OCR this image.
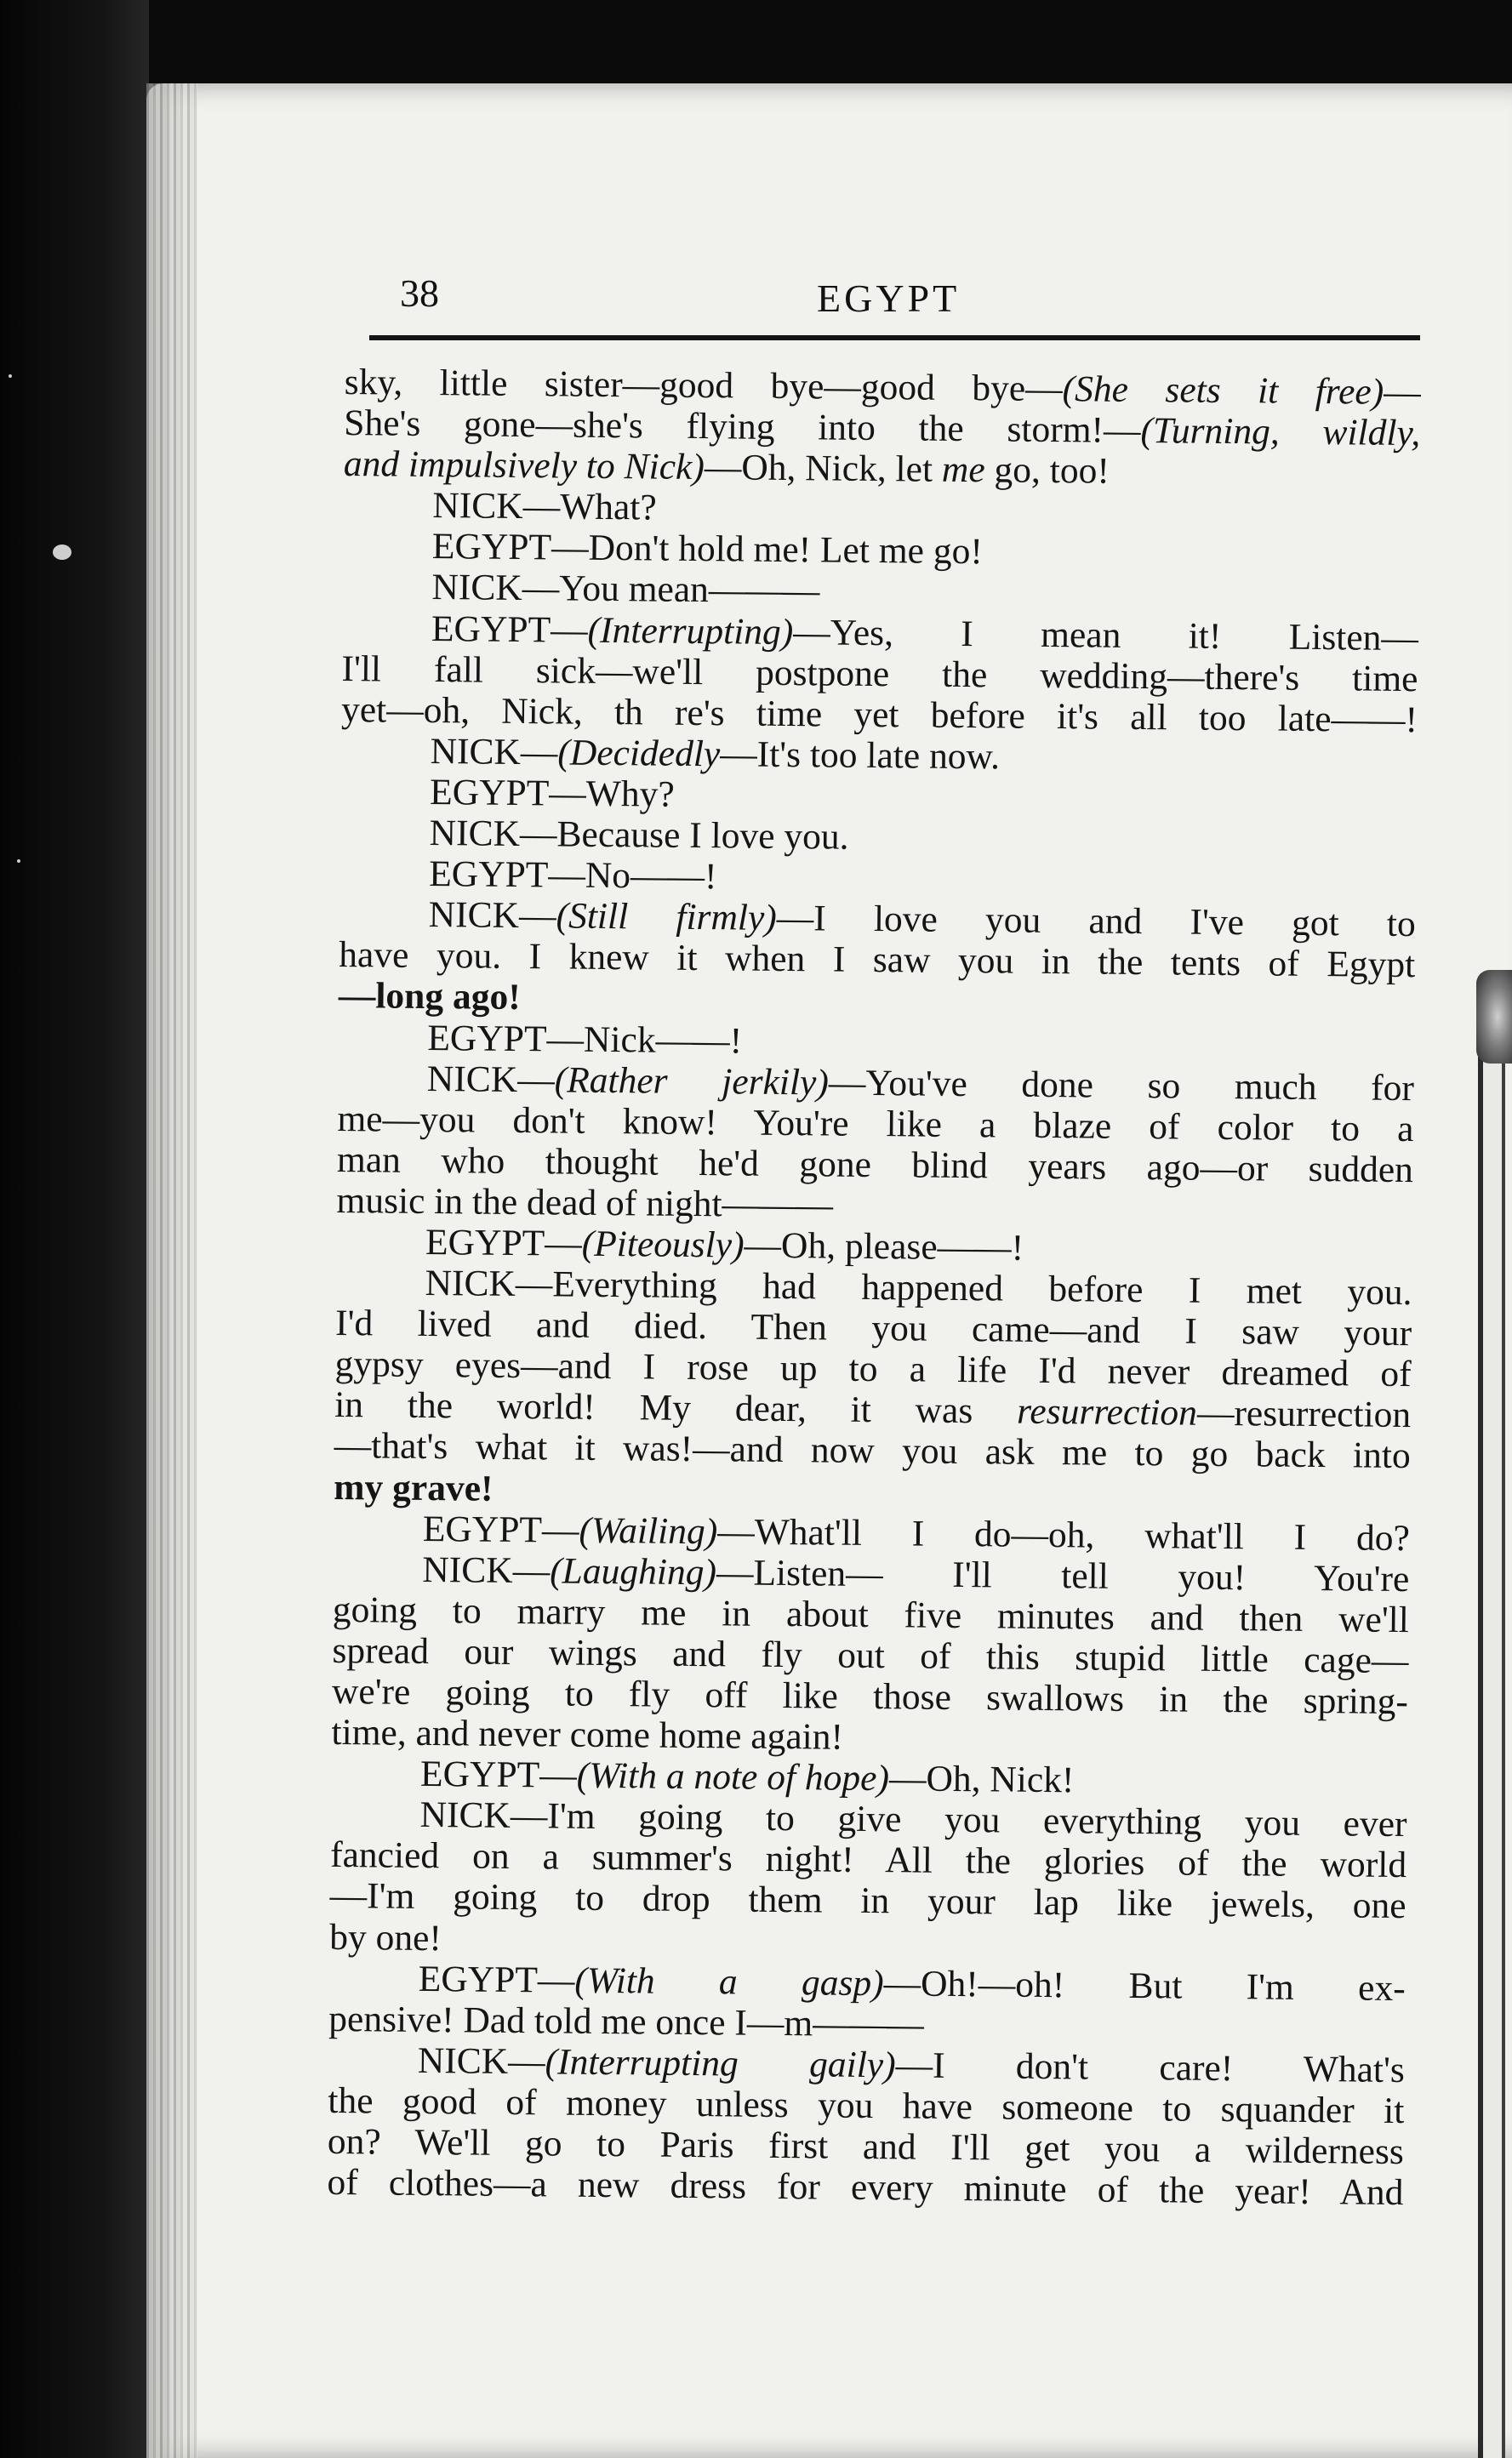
38	EGYPT

sky, little sister—good bye—good bye—(She sets it free)—

She's gone—she's flying into the storm!—(Turning, wildly,

and impulsively to Nick)—Oh, Nick, let me go, too!

NICK—What?

EGYPT—Don't hold me! Let me go!

NICK—You mean———

EGYPT—(Interrupting)—Yes, I mean it! Listen—

I'll fall sick—we'll postpone the wedding—there's time

yet—oh, Nick, th re's time yet before it's all too late——!

NICK—(Decidedly—It's too late now.

EGYPT—Why?

NICK—Because I love you.

EGYPT—No——!

NICK—(Still firmly)—I love you and I've got to

have you. I knew it when I saw you in the tents of Egypt

—long ago!

EGYPT—Nick——!

NICK—(Rather jerkily)—You've done so much for

me—you don't know! You're like a blaze of color to a

man who thought he'd gone blind years ago—or sudden

music in the dead of night———

EGYPT—(Piteously)—Oh, please——!

NICK—Everything had happened before I met you.

I'd lived and died. Then you came—and I saw your

gypsy eyes—and I rose up to a life I'd never dreamed of

in the world! My dear, it was resurrection—resurrection

—that's what it was!—and now you ask me to go back into

my grave!

EGYPT—(Wailing)—What'll I do—oh, what'll I do?

NICK—(Laughing)—Listen— I'll tell you! You're

going to marry me in about five minutes and then we'll

spread our wings and fly out of this stupid little cage—

we're going to fly off like those swallows in the spring-

time, and never come home again!

EGYPT—(With a note of hope)—Oh, Nick!

NICK—I'm going to give you everything you ever

fancied on a summer's night! All the glories of the world

—I'm going to drop them in your lap like jewels, one

by one!

EGYPT—(With a gasp)—Oh!—oh! But I'm ex-

pensive! Dad told me once I—m———

NICK—(Interrupting gaily)—I don't care! What's

the good of money unless you have someone to squander it

on? We'll go to Paris first and I'll get you a wilderness

of clothes—a new dress for every minute of the year! And
